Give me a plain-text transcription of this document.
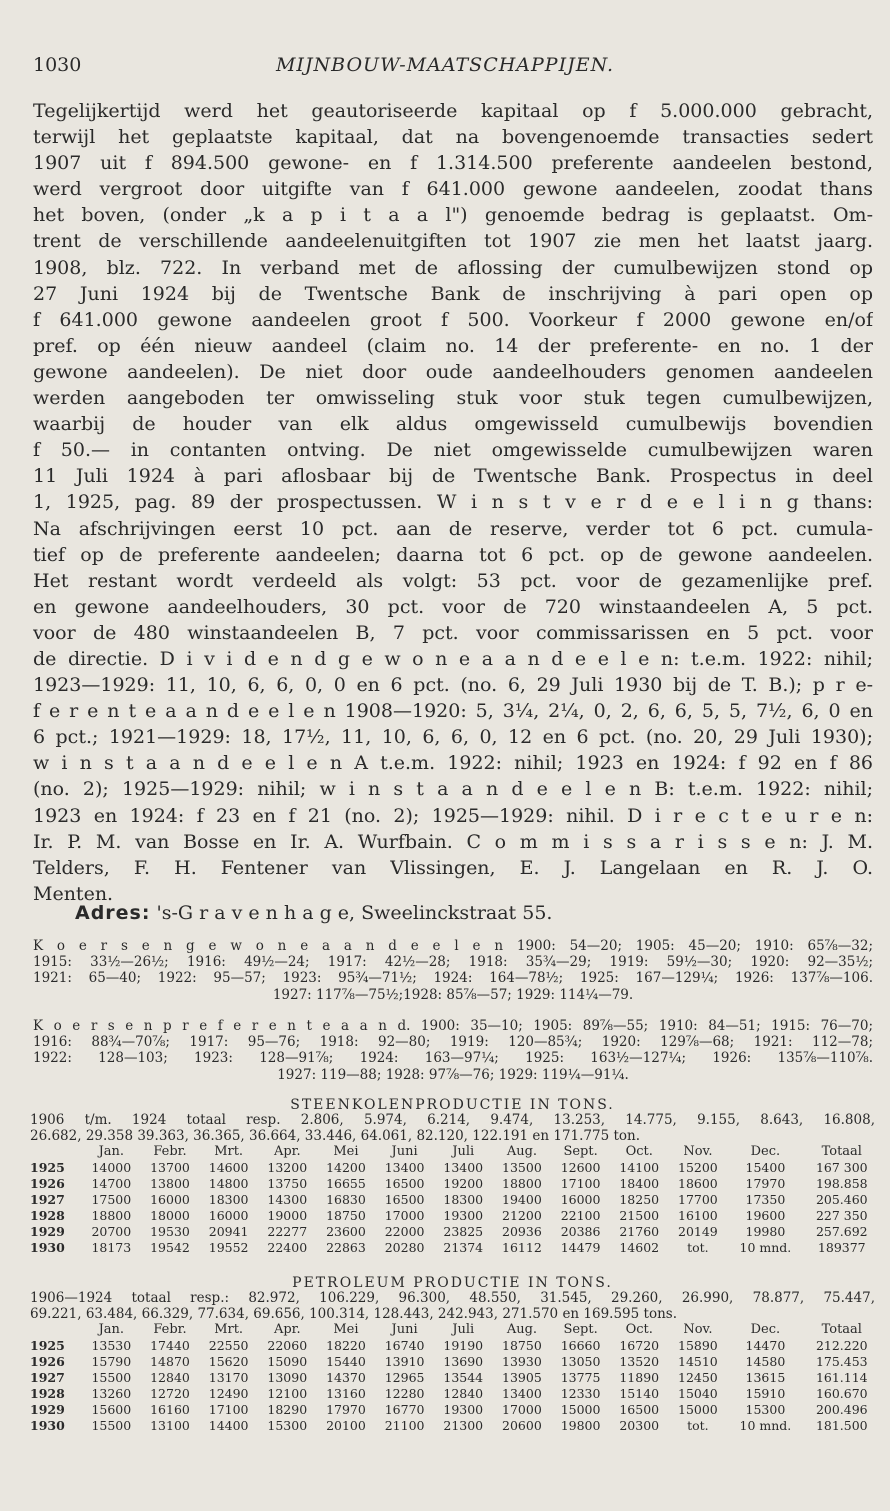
1030	MIJNBOUW-MAATSCHAPPIJEN.
Tegelijkertijd werd het geautoriseerde kapitaal op f 5.000.000 gebracht,
terwijl het geplaatste kapitaal, dat na bovengenoemde transacties sedert
1907 uit f 894.500 gewone- en f 1.314.500 preferente aandeelen bestond,
werd vergroot door uitgifte van f 641.000 gewone aandeelen, zoodat thans
het boven, (onder „k a p i t a a l") genoemde bedrag is geplaatst. Om-
trent de verschillende aandeelenuitgiften tot 1907 zie men het laatst jaarg.
1908, blz. 722. In verband met de aflossing der cumulbewijzen stond op
27 Juni 1924 bij de Twentsche Bank de inschrijving à pari open op
f 641.000 gewone aandeelen groot f 500. Voorkeur f 2000 gewone en/of
pref. op één nieuw aandeel (claim no. 14 der preferente- en no. 1 der
gewone aandeelen). De niet door oude aandeelhouders genomen aandeelen
werden aangeboden ter omwisseling stuk voor stuk tegen cumulbewijzen,
waarbij de houder van elk aldus omgewisseld cumulbewijs bovendien
f 50.— in contanten ontving. De niet omgewisselde cumulbewijzen waren
11 Juli 1924 à pari aflosbaar bij de Twentsche Bank. Prospectus in deel
1, 1925, pag. 89 der prospectussen. W i n s t v e r d e e l i n g thans:
Na afschrijvingen eerst 10 pct. aan de reserve, verder tot 6 pct. cumula-
tief op de preferente aandeelen; daarna tot 6 pct. op de gewone aandeelen.
Het restant wordt verdeeld als volgt: 53 pct. voor de gezamenlijke pref.
en gewone aandeelhouders, 30 pct. voor de 720 winstaandeelen A, 5 pct.
voor de 480 winstaandeelen B, 7 pct. voor commissarissen en 5 pct. voor
de directie. D i v i d e n d g e w o n e a a n d e e l e n: t.e.m. 1922: nihil;
1923—1929: 11, 10, 6, 6, 0, 0 en 6 pct. (no. 6, 29 Juli 1930 bij de T. B.); p r e-
f e r e n t e a a n d e e l e n 1908—1920: 5, 3¼, 2¼, 0, 2, 6, 6, 5, 5, 7½, 6, 0 en
6 pct.; 1921—1929: 18, 17½, 11, 10, 6, 6, 0, 12 en 6 pct. (no. 20, 29 Juli 1930);
w i n s t a a n d e e l e n A t.e.m. 1922: nihil; 1923 en 1924: f 92 en f 86
(no. 2); 1925—1929: nihil; w i n s t a a n d e e l e n B: t.e.m. 1922: nihil;
1923 en 1924: f 23 en f 21 (no. 2); 1925—1929: nihil. D i r e c t e u r e n:
Ir. P. M. van Bosse en Ir. A. Wurfbain. C o m m i s s a r i s s e n: J. M.
Telders, F. H. Fentener van Vlissingen, E. J. Langelaan en R. J. O.
Menten.
Adres: 's-G r a v e n h a g e, Sweelinckstraat 55.
K o e r s e n g e w o n e a a n d e e l e n 1900: 54—20; 1905: 45—20; 1910: 65⅞—32;
1915: 33½—26½; 1916: 49½—24; 1917: 42½—28; 1918: 35¾—29; 1919: 59½—30; 1920: 92—35½;
1921: 65—40; 1922: 95—57; 1923: 95¾—71½; 1924: 164—78½; 1925: 167—129¼; 1926: 137⅞—106.
1927: 117⅞—75½;1928: 85⅞—57; 1929: 114¼—79.
K o e r s e n p r e f e r e n t e a a n d. 1900: 35—10; 1905: 89⅞—55; 1910: 84—51; 1915: 76—70;
1916: 88¾—70⅞; 1917: 95—76; 1918: 92—80; 1919: 120—85¾; 1920: 129⅞—68; 1921: 112—78;
1922: 128—103; 1923: 128—91⅞; 1924: 163—97¼; 1925: 163½—127¼; 1926: 135⅞—110⅞.
1927: 119—88; 1928: 97⅞—76; 1929: 119¼—91¼.
STEENKOLENPRODUCTIE IN TONS.
1906 t/m. 1924 totaal resp. 2.806, 5.974, 6.214, 9.474, 13.253, 14.775, 9.155, 8.643, 16.808,
26.682, 29.358 39.363, 36.365, 36.664, 33.446, 64.061, 82.120, 122.191 en 171.775 ton.
	Jan.	Febr.	Mrt.	Apr.	Mei	Juni	Juli	Aug.	Sept.	Oct.	Nov.	Dec.	Totaal
1925	14000	13700	14600	13200	14200	13400	13400	13500	12600	14100	15200	15400	167 300
1926	14700	13800	14800	13750	16655	16500	19200	18800	17100	18400	18600	17970	198.858
1927	17500	16000	18300	14300	16830	16500	18300	19400	16000	18250	17700	17350	205.460
1928	18800	18000	16000	19000	18750	17000	19300	21200	22100	21500	16100	19600	227 350
1929	20700	19530	20941	22277	23600	22000	23825	20936	20386	21760	20149	19980	257.692
1930	18173	19542	19552	22400	22863	20280	21374	16112	14479	14602	tot.	10 mnd.	189377
PETROLEUM PRODUCTIE IN TONS.
1906—1924 totaal resp.: 82.972, 106.229, 96.300, 48.550, 31.545, 29.260, 26.990, 78.877, 75.447,
69.221, 63.484, 66.329, 77.634, 69.656, 100.314, 128.443, 242.943, 271.570 en 169.595 tons.
	Jan.	Febr.	Mrt.	Apr.	Mei	Juni	Juli	Aug.	Sept.	Oct.	Nov.	Dec.	Totaal
1925	13530	17440	22550	22060	18220	16740	19190	18750	16660	16720	15890	14470	212.220
1926	15790	14870	15620	15090	15440	13910	13690	13930	13050	13520	14510	14580	175.453
1927	15500	12840	13170	13090	14370	12965	13544	13905	13775	11890	12450	13615	161.114
1928	13260	12720	12490	12100	13160	12280	12840	13400	12330	15140	15040	15910	160.670
1929	15600	16160	17100	18290	17970	16770	19300	17000	15000	16500	15000	15300	200.496
1930	15500	13100	14400	15300	20100	21100	21300	20600	19800	20300	tot.	10 mnd.	181.500
